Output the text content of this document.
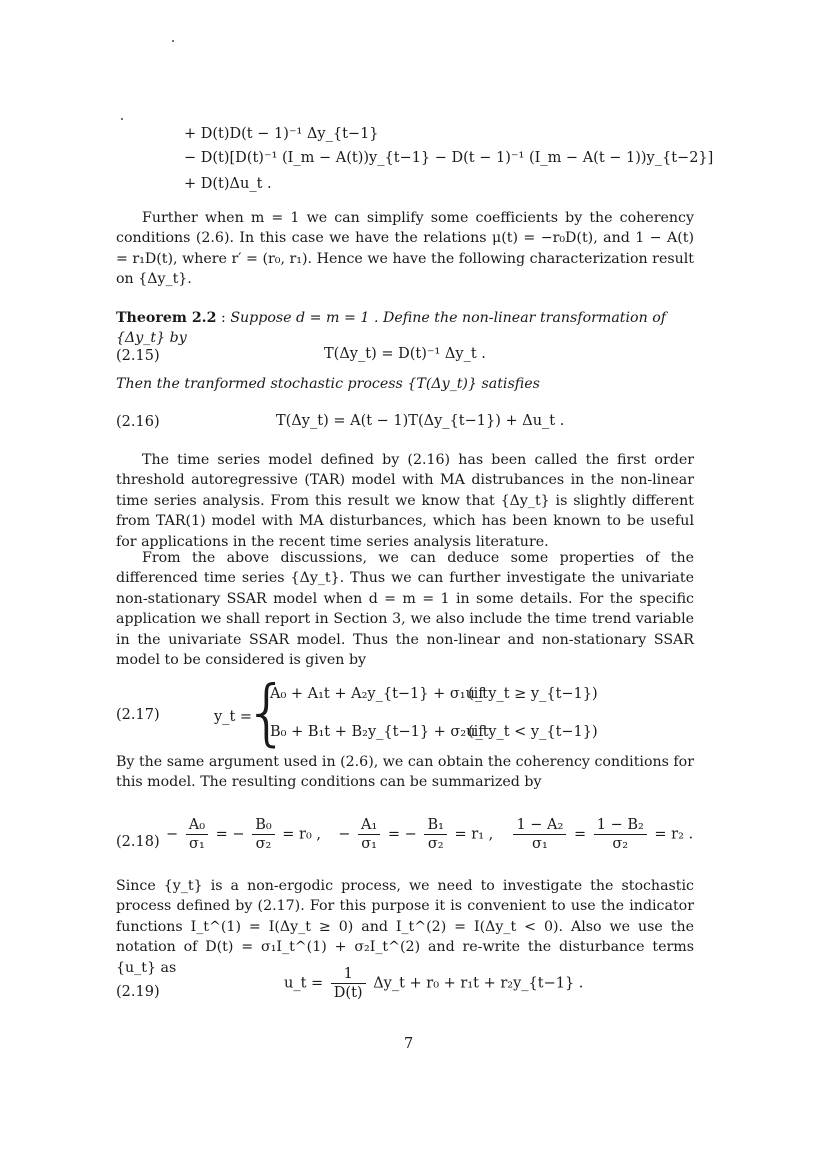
+ D(t)D(t − 1)⁻¹ Δy_{t−1}
− D(t)[D(t)⁻¹ (I_m − A(t))y_{t−1} − D(t − 1)⁻¹ (I_m − A(t − 1))y_{t−2}]
+ D(t)Δu_t .

Further when m = 1 we can simplify some coefficients by the coherency conditions (2.6). In this case we have the relations μ(t) = −r₀D(t), and 1 − A(t) = r₁D(t), where r′ = (r₀, r₁). Hence we have the following characterization result on {Δy_t}.

Theorem 2.2 : Suppose d = m = 1 . Define the non-linear transformation of {Δy_t} by
(2.15)	T(Δy_t) = D(t)⁻¹ Δy_t .
Then the tranformed stochastic process {T(Δy_t)} satisfies
(2.16)	T(Δy_t) = A(t − 1)T(Δy_{t−1}) + Δu_t .

The time series model defined by (2.16) has been called the first order threshold autoregressive (TAR) model with MA distrubances in the non-linear time series analysis. From this result we know that {Δy_t} is slightly different from TAR(1) model with MA disturbances, which has been known to be useful for applications in the recent time series analysis literature.

From the above discussions, we can deduce some properties of the differenced time series {Δy_t}. Thus we can further investigate the univariate non-stationary SSAR model when d = m = 1 in some details. For the specific application we shall report in Section 3, we also include the time trend variable in the univariate SSAR model. Thus the non-linear and non-stationary SSAR model to be considered is given by

(2.17)	y_t =
{
A₀ + A₁t + A₂y_{t−1} + σ₁u_t
(if y_t ≥ y_{t−1})
B₀ + B₁t + B₂y_{t−1} + σ₂u_t
(if y_t < y_{t−1})

By the same argument used in (2.6), we can obtain the coherency conditions for this model. The resulting conditions can be summarized by

$(2.18) - \frac{\text{A₀}}{\text{σ₁}}$ = − $\frac{\text{B₀}}{\text{σ₂}} = r_0$ , − $\frac{\text{A₁}}{\text{σ₁}}$ = − $\frac{\text{B₁}}{\text{σ₂}} = r_1$ , $\frac{\text{1 − A₂}}{\text{σ₁}} = \frac{\text{1 − B₂}}{\text{σ₂}} = r_2$ .

Since {y_t} is a non-ergodic process, we need to investigate the stochastic process defined by (2.17). For this purpose it is convenient to use the indicator functions I_t^(1) = I(Δy_t ≥ 0) and I_t^(2) = I(Δy_t < 0). Also we use the notation of D(t) = σ₁I_t^(1) + σ₂I_t^(2) and re-write the disturbance terms {u_t} as

(2.19)
u_t = $\frac{1}{D(t)}$ Δy_t + r₀ + r₁t + r₂y_{t−1} .
7
